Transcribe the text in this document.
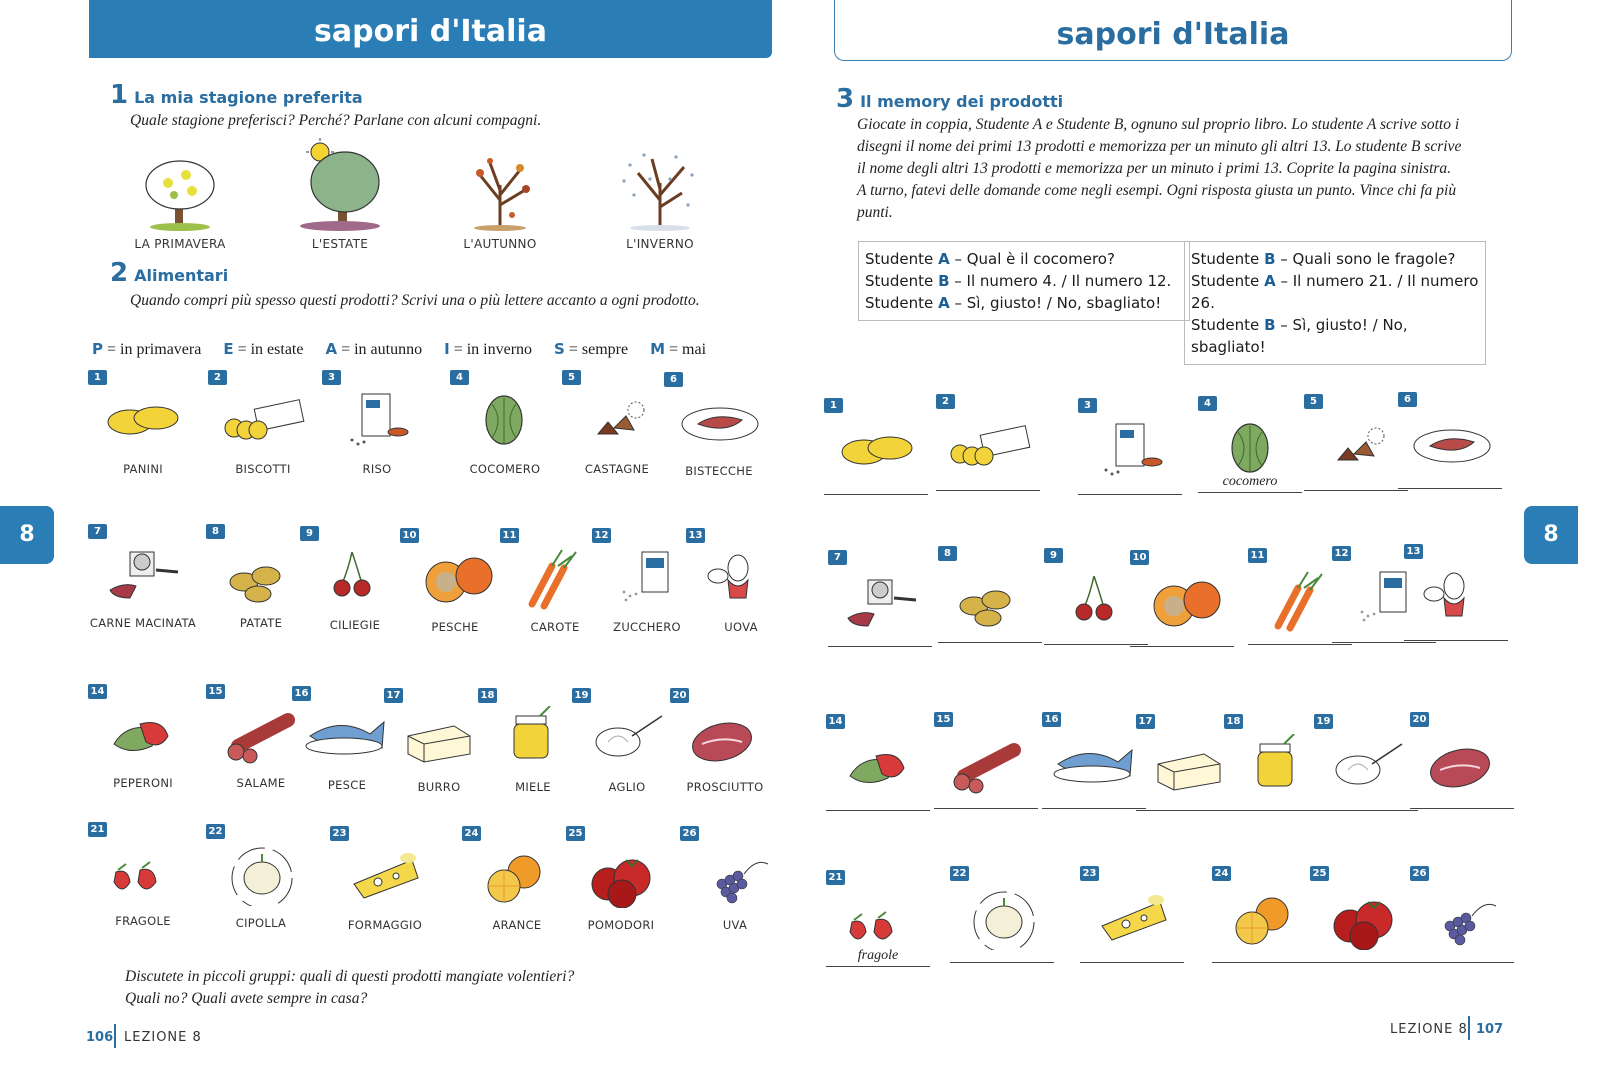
sapori d'Italia
1 La mia stagione preferita
Quale stagione preferisci? Perché? Parlane con alcuni compagni.
LA PRIMAVERA	L'ESTATE	L'AUTUNNO	L'INVERNO
2 Alimentari
Quando compri più spesso questi prodotti? Scrivi una o più lettere accanto a ogni prodotto.
P = in primavera E = in estate A = in autunno I = in inverno S = sempre M = mai
1
PANINI
2
BISCOTTI
3
RISO
4
COCOMERO
5
CASTAGNE
6
BISTECCHE
7
CARNE MACINATA
8
PATATE
9
CILIEGIE
10
PESCHE
11
CAROTE
12
ZUCCHERO
13
UOVA
14
PEPERONI
15
SALAME
16
PESCE
17
BURRO
18
MIELE
19
AGLIO
20
PROSCIUTTO
21
FRAGOLE
22
CIPOLLA
23
FORMAGGIO
24
ARANCE
25
POMODORI
26
UVA
Discutete in piccoli gruppi: quali di questi prodotti mangiate volentieri?
Quali no? Quali avete sempre in casa?
8
106 LEZIONE 8
sapori d'Italia
3 Il memory dei prodotti
Giocate in coppia, Studente A e Studente B, ognuno sul proprio libro. Lo studente A scrive sotto i
disegni il nome dei primi 13 prodotti e memorizza per un minuto gli altri 13. Lo studente B scrive
il nome degli altri 13 prodotti e memorizza per un minuto i primi 13. Coprite la pagina sinistra.
A turno, fatevi delle domande come negli esempi. Ogni risposta giusta un punto. Vince chi fa più
punti.
Studente A – Qual è il cocomero?
Studente B – Il numero 4. / Il numero 12.
Studente A – Sì, giusto! / No, sbagliato!
Studente B – Quali sono le fragole?
Studente A – Il numero 21. / Il numero 26.
Studente B – Sì, giusto! / No, sbagliato!
1	2	3	4
cocomero
5	6
7	8	9	10	11	12	13
14	15	16	17	18	19	20
21
fragole
22	23	24	25	26
8
LEZIONE 8 107
